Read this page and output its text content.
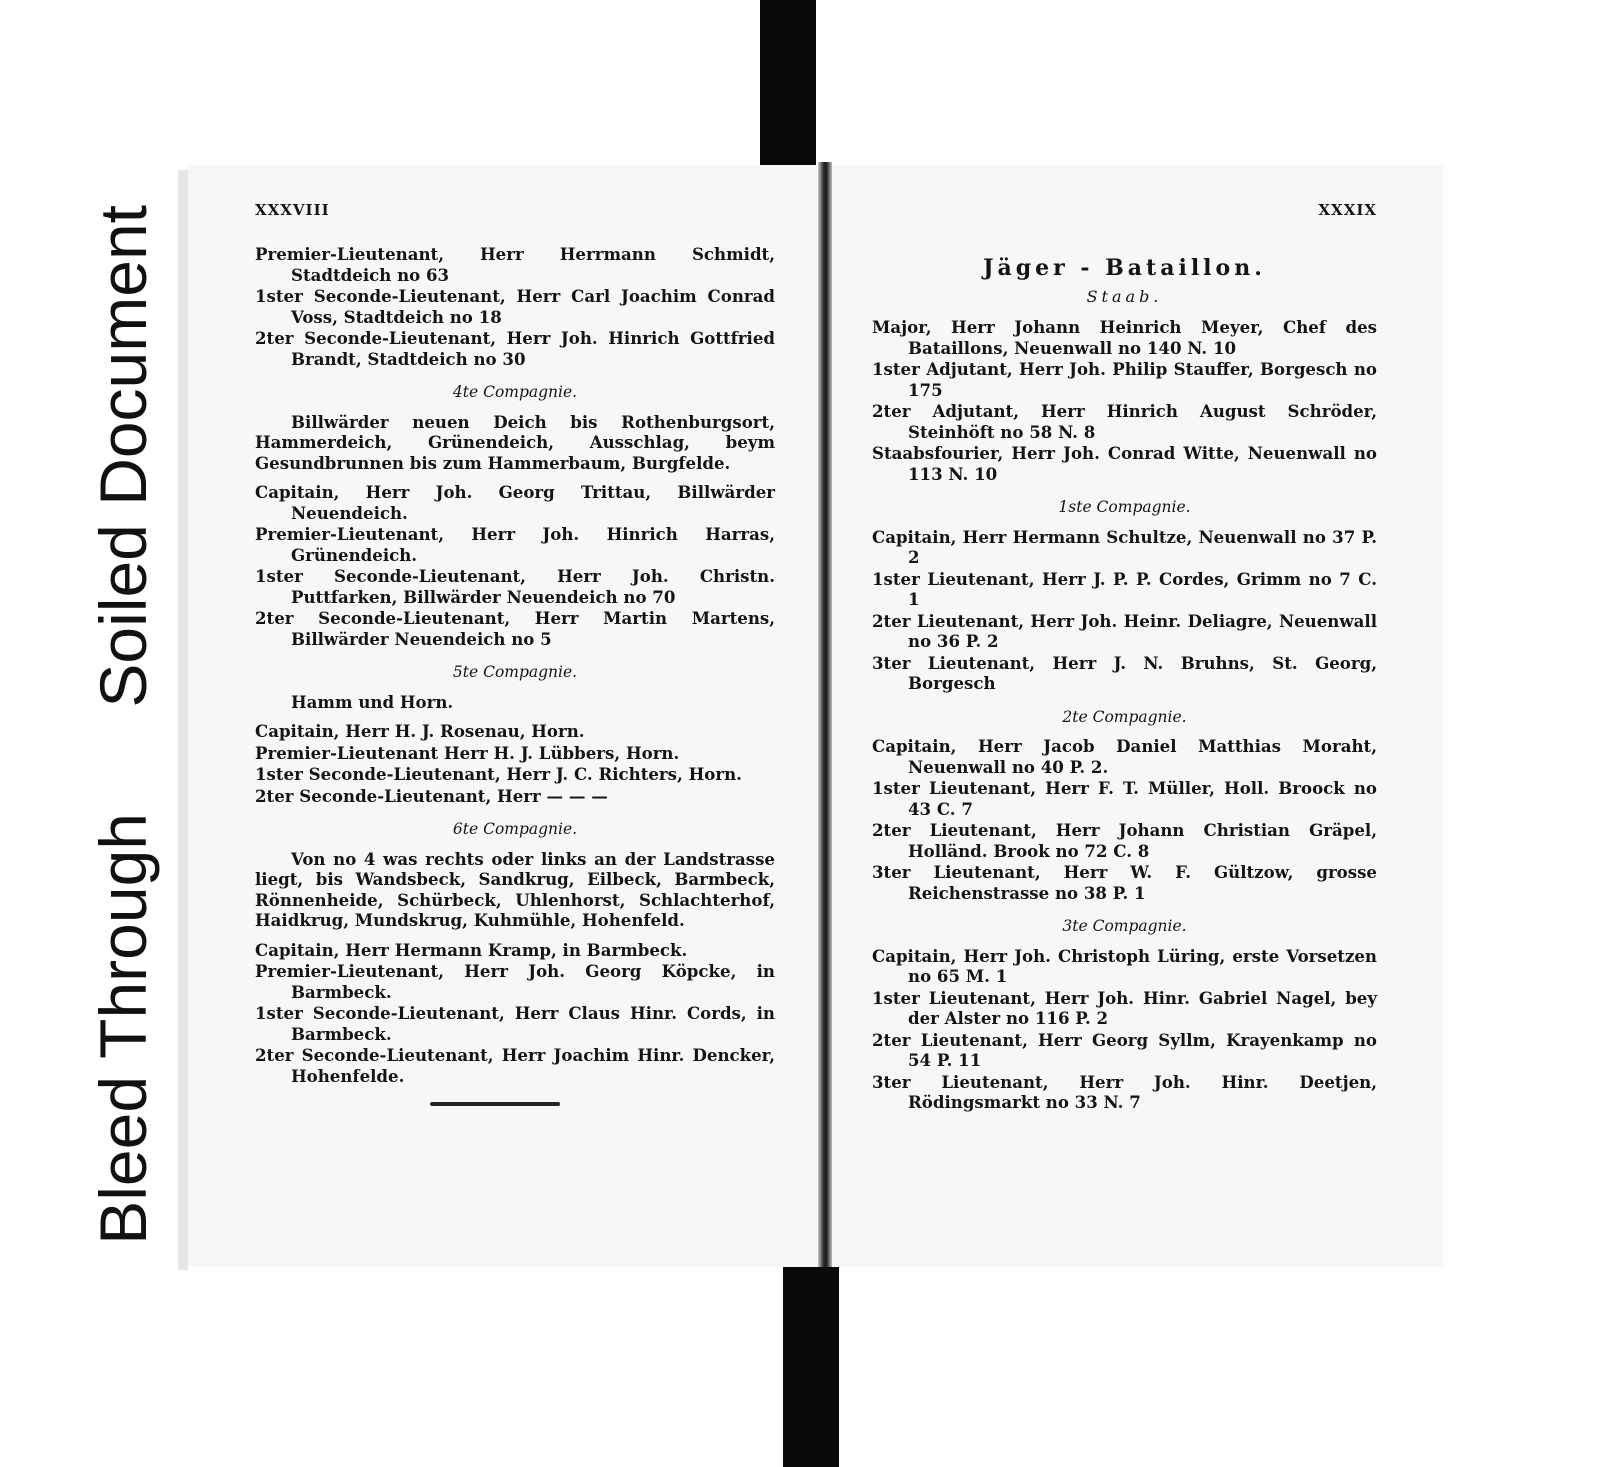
Soiled Document
Bleed Through
XXXVIII

Premier-Lieutenant, Herr Herrmann Schmidt, Stadtdeich no 63

1ster Seconde-Lieutenant, Herr Carl Joachim Conrad Voss, Stadtdeich no 18

2ter Seconde-Lieutenant, Herr Joh. Hinrich Gottfried Brandt, Stadtdeich no 30

4te Compagnie.

Billwärder neuen Deich bis Rothenburgsort, Hammerdeich, Grünendeich, Ausschlag, beym Gesundbrunnen bis zum Hammerbaum, Burgfelde.

Capitain, Herr Joh. Georg Trittau, Billwärder Neuendeich.

Premier-Lieutenant, Herr Joh. Hinrich Harras, Grünendeich.

1ster Seconde-Lieutenant, Herr Joh. Christn. Puttfarken, Billwärder Neuendeich no 70

2ter Seconde-Lieutenant, Herr Martin Martens, Billwärder Neuendeich no 5

5te Compagnie.

Hamm und Horn.

Capitain, Herr H. J. Rosenau, Horn.

Premier-Lieutenant Herr H. J. Lübbers, Horn.

1ster Seconde-Lieutenant, Herr J. C. Richters, Horn.

2ter Seconde-Lieutenant, Herr — — —

6te Compagnie.

Von no 4 was rechts oder links an der Landstrasse liegt, bis Wandsbeck, Sandkrug, Eilbeck, Barmbeck, Rönnenheide, Schürbeck, Uhlenhorst, Schlachterhof, Haidkrug, Mundskrug, Kuhmühle, Hohenfeld.

Capitain, Herr Hermann Kramp, in Barmbeck.

Premier-Lieutenant, Herr Joh. Georg Köpcke, in Barmbeck.

1ster Seconde-Lieutenant, Herr Claus Hinr. Cords, in Barmbeck.

2ter Seconde-Lieutenant, Herr Joachim Hinr. Dencker, Hohenfelde.

XXXIX
Jäger - Bataillon.
Staab.

Major, Herr Johann Heinrich Meyer, Chef des Bataillons, Neuenwall no 140 N. 10

1ster Adjutant, Herr Joh. Philip Stauffer, Borgesch no 175

2ter Adjutant, Herr Hinrich August Schröder, Steinhöft no 58 N. 8

Staabsfourier, Herr Joh. Conrad Witte, Neuenwall no 113 N. 10

1ste Compagnie.

Capitain, Herr Hermann Schultze, Neuenwall no 37 P. 2

1ster Lieutenant, Herr J. P. P. Cordes, Grimm no 7 C. 1

2ter Lieutenant, Herr Joh. Heinr. Deliagre, Neuenwall no 36 P. 2

3ter Lieutenant, Herr J. N. Bruhns, St. Georg, Borgesch

2te Compagnie.

Capitain, Herr Jacob Daniel Matthias Moraht, Neuenwall no 40 P. 2.

1ster Lieutenant, Herr F. T. Müller, Holl. Broock no 43 C. 7

2ter Lieutenant, Herr Johann Christian Gräpel, Holländ. Brook no 72 C. 8

3ter Lieutenant, Herr W. F. Gültzow, grosse Reichenstrasse no 38 P. 1

3te Compagnie.

Capitain, Herr Joh. Christoph Lüring, erste Vorsetzen no 65 M. 1

1ster Lieutenant, Herr Joh. Hinr. Gabriel Nagel, bey der Alster no 116 P. 2

2ter Lieutenant, Herr Georg Syllm, Krayenkamp no 54 P. 11

3ter Lieutenant, Herr Joh. Hinr. Deetjen, Rödingsmarkt no 33 N. 7
